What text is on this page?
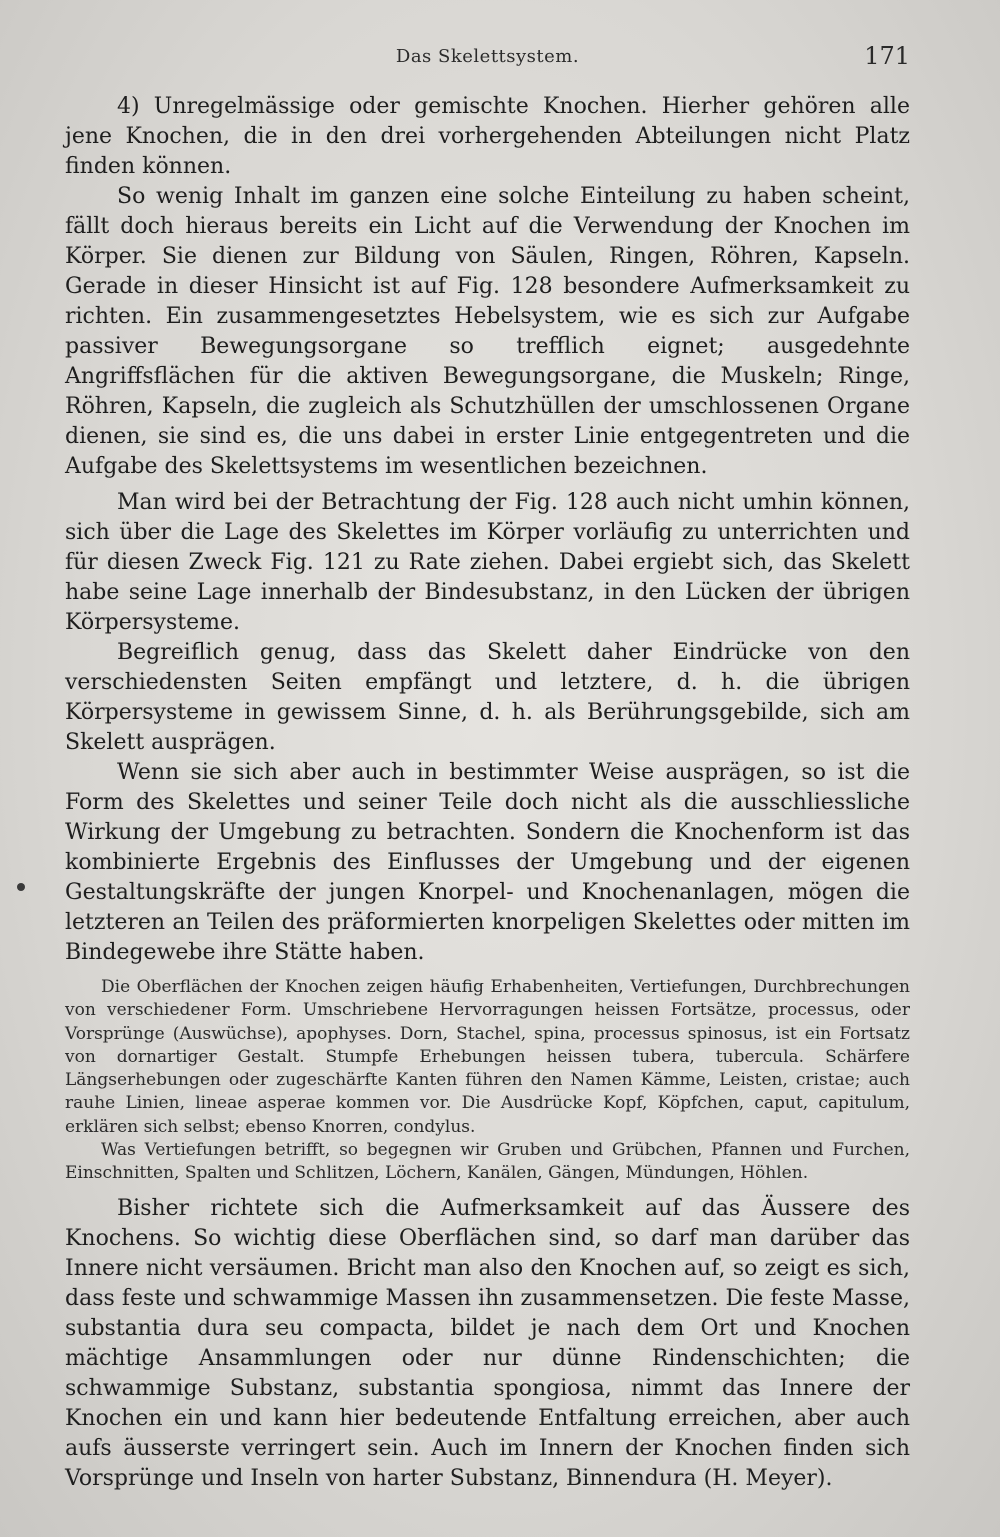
Das Skelettsystem.	171

4) Unregelmässige oder gemischte Knochen. Hierher gehören alle jene Knochen, die in den drei vorhergehenden Abteilungen nicht Platz finden können.

So wenig Inhalt im ganzen eine solche Einteilung zu haben scheint, fällt doch hieraus bereits ein Licht auf die Verwendung der Knochen im Körper. Sie dienen zur Bildung von Säulen, Ringen, Röhren, Kapseln. Gerade in dieser Hinsicht ist auf Fig. 128 besondere Aufmerksamkeit zu richten. Ein zusammengesetztes Hebelsystem, wie es sich zur Aufgabe passiver Bewegungsorgane so trefflich eignet; ausgedehnte Angriffsflächen für die aktiven Bewegungsorgane, die Muskeln; Ringe, Röhren, Kapseln, die zugleich als Schutzhüllen der umschlossenen Organe dienen, sie sind es, die uns dabei in erster Linie entgegentreten und die Aufgabe des Skelettsystems im wesentlichen bezeichnen.

Man wird bei der Betrachtung der Fig. 128 auch nicht umhin können, sich über die Lage des Skelettes im Körper vorläufig zu unterrichten und für diesen Zweck Fig. 121 zu Rate ziehen. Dabei ergiebt sich, das Skelett habe seine Lage innerhalb der Bindesubstanz, in den Lücken der übrigen Körpersysteme.

Begreiflich genug, dass das Skelett daher Eindrücke von den verschiedensten Seiten empfängt und letztere, d. h. die übrigen Körpersysteme in gewissem Sinne, d. h. als Berührungsgebilde, sich am Skelett ausprägen.

Wenn sie sich aber auch in bestimmter Weise ausprägen, so ist die Form des Skelettes und seiner Teile doch nicht als die ausschliessliche Wirkung der Umgebung zu betrachten. Sondern die Knochenform ist das kombinierte Ergebnis des Einflusses der Umgebung und der eigenen Gestaltungskräfte der jungen Knorpel- und Knochenanlagen, mögen die letzteren an Teilen des präformierten knorpeligen Skelettes oder mitten im Bindegewebe ihre Stätte haben.

Die Oberflächen der Knochen zeigen häufig Erhabenheiten, Vertiefungen, Durchbrechungen von verschiedener Form. Umschriebene Hervorragungen heissen Fortsätze, processus, oder Vorsprünge (Auswüchse), apophyses. Dorn, Stachel, spina, processus spinosus, ist ein Fortsatz von dornartiger Gestalt. Stumpfe Erhebungen heissen tubera, tubercula. Schärfere Längserhebungen oder zugeschärfte Kanten führen den Namen Kämme, Leisten, cristae; auch rauhe Linien, lineae asperae kommen vor. Die Ausdrücke Kopf, Köpfchen, caput, capitulum, erklären sich selbst; ebenso Knorren, condylus.

Was Vertiefungen betrifft, so begegnen wir Gruben und Grübchen, Pfannen und Furchen, Einschnitten, Spalten und Schlitzen, Löchern, Kanälen, Gängen, Mündungen, Höhlen.

Bisher richtete sich die Aufmerksamkeit auf das Äussere des Knochens. So wichtig diese Oberflächen sind, so darf man darüber das Innere nicht versäumen. Bricht man also den Knochen auf, so zeigt es sich, dass feste und schwammige Massen ihn zusammensetzen. Die feste Masse, substantia dura seu compacta, bildet je nach dem Ort und Knochen mächtige Ansammlungen oder nur dünne Rindenschichten; die schwammige Substanz, substantia spongiosa, nimmt das Innere der Knochen ein und kann hier bedeutende Entfaltung erreichen, aber auch aufs äusserste verringert sein. Auch im Innern der Knochen finden sich Vorsprünge und Inseln von harter Substanz, Binnendura (H. Meyer).
